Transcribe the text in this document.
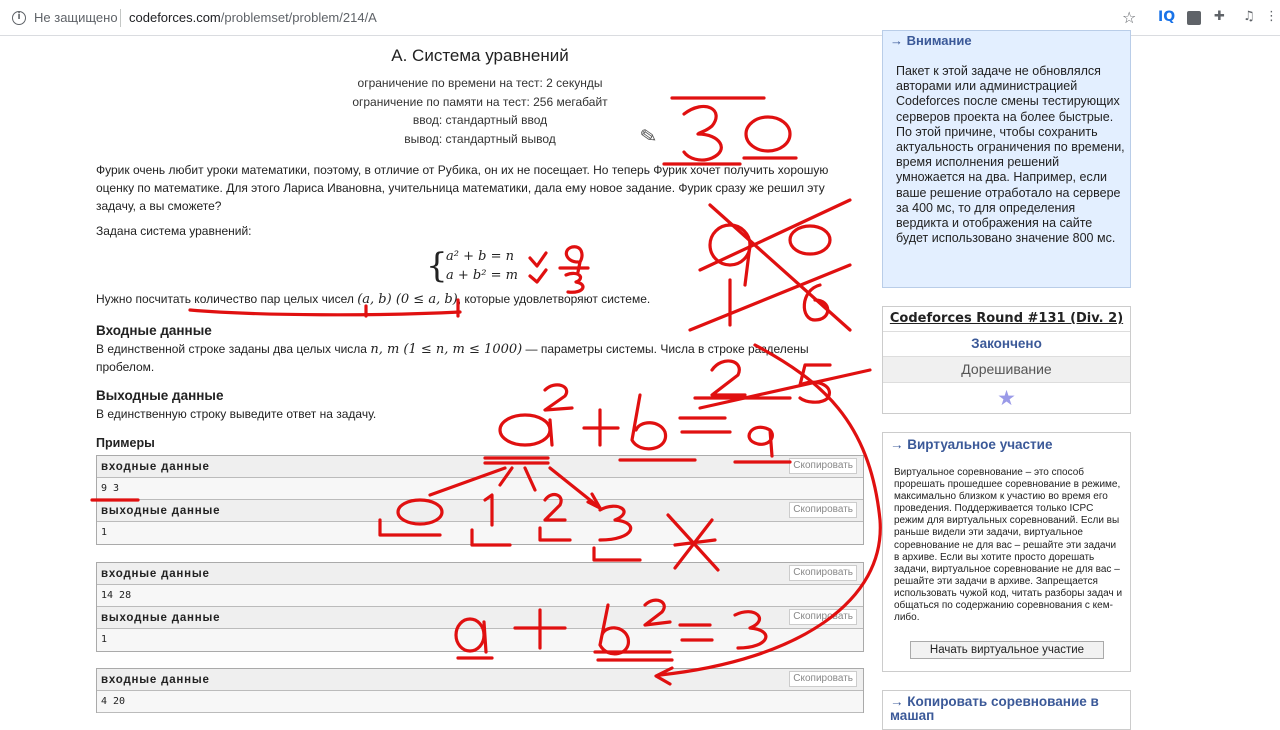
i	Не защищено codeforces.com/problemset/problem/214/A	☆ IQ	✚ ♫ ⋮
A. Система уравнений
ограничение по времени на тест: 2 секунды
ограничение по памяти на тест: 256 мегабайт
ввод: стандартный ввод
вывод: стандартный вывод
Фурик очень любит уроки математики, поэтому, в отличие от Рубика, он их не посещает. Но теперь Фурик хочет получить хорошую оценку по математике. Для этого Лариса Ивановна, учительница математики, дала ему новое задание. Фурик сразу же решил эту задачу, а вы сможете?
Задана система уравнений:
{
a² + b = n
a + b² = m
Нужно посчитать количество пар целых чисел (a, b) (0 ≤ a, b), которые удовлетворяют системе.
Входные данные
В единственной строке заданы два целых числа n, m (1 ≤ n, m ≤ 1000) — параметры системы. Числа в строке разделены пробелом.
Выходные данные
В единственную строку выведите ответ на задачу.
Примеры
входные данные	Скопировать
9 3
выходные данные	Скопировать
1
входные данные	Скопировать
14 28
выходные данные	Скопировать
1
входные данные	Скопировать
4 20
→ Внимание
Пакет к этой задаче не обновлялся авторами или администрацией Codeforces после смены тестирующих серверов проекта на более быстрые. По этой причине, чтобы сохранить актуальность ограничения по времени, время исполнения решений умножается на два. Например, если ваше решение отработало на сервере за 400 мс, то для определения вердикта и отображения на сайте будет использовано значение 800 мс.
Codeforces Round #131 (Div. 2)
Закончено
Дорешивание
★
→ Виртуальное участие
Виртуальное соревнование – это способ прорешать прошедшее соревнование в режиме, максимально близком к участию во время его проведения. Поддерживается только ICPC режим для виртуальных соревнований. Если вы раньше видели эти задачи, виртуальное соревнование не для вас – решайте эти задачи в архиве. Если вы хотите просто дорешать задачи, виртуальное соревнование не для вас – решайте эти задачи в архиве. Запрещается использовать чужой код, читать разборы задач и общаться по содержанию соревнования с кем-либо.
Начать виртуальное участие
→ Копировать соревнование в машап
✎
